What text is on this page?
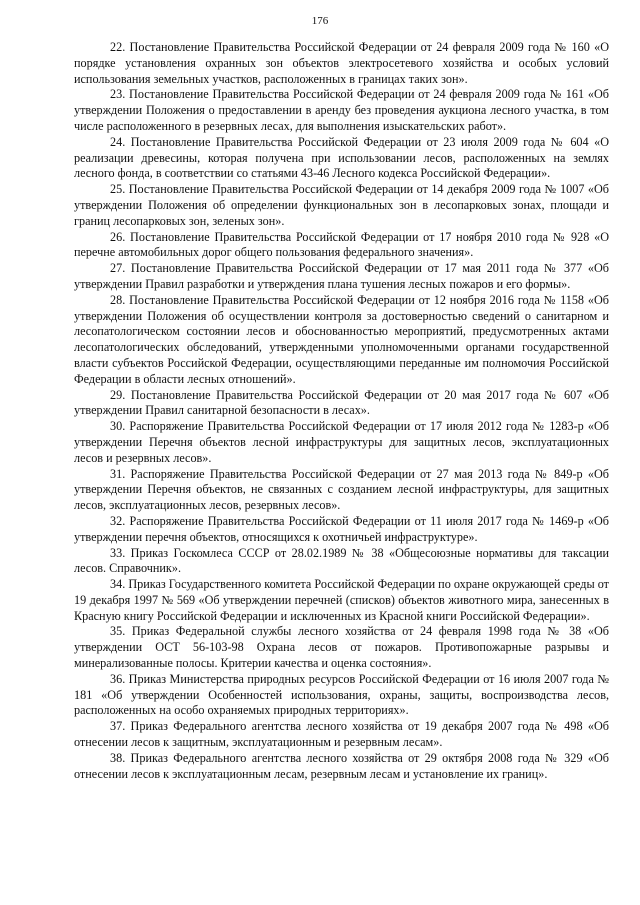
176

22. Постановление Правительства Российской Федерации от 24 февраля 2009 года № 160 «О порядке установления охранных зон объектов электросетевого хозяйства и особых условий использования земельных участков, расположенных в границах таких зон».

23. Постановление Правительства Российской Федерации от 24 февраля 2009 года № 161 «Об утверждении Положения о предоставлении в аренду без проведения аукциона лесного участка, в том числе расположенного в резервных лесах, для выполнения изыскательских работ».

24. Постановление Правительства Российской Федерации от 23 июля 2009 года № 604 «О реализации древесины, которая получена при использовании лесов, расположенных на землях лесного фонда, в соответствии со статьями 43-46 Лесного кодекса Российской Федерации».

25. Постановление Правительства Российской Федерации от 14 декабря 2009 года № 1007 «Об утверждении Положения об определении функциональных зон в лесопарковых зонах, площади и границ лесопарковых зон, зеленых зон».

26. Постановление Правительства Российской Федерации от 17 ноября 2010 года № 928 «О перечне автомобильных дорог общего пользования федерального значения».

27. Постановление Правительства Российской Федерации от 17 мая 2011 года № 377 «Об утверждении Правил разработки и утверждения плана тушения лесных пожаров и его формы».

28. Постановление Правительства Российской Федерации от 12 ноября 2016 года № 1158 «Об утверждении Положения об осуществлении контроля за достоверностью сведений о санитарном и лесопатологическом состоянии лесов и обоснованностью мероприятий, предусмотренных актами лесопатологических обследований, утвержденными уполномоченными органами государственной власти субъектов Российской Федерации, осуществляющими переданные им полномочия Российской Федерации в области лесных отношений».

29. Постановление Правительства Российской Федерации от 20 мая 2017 года № 607 «Об утверждении Правил санитарной безопасности в лесах».

30. Распоряжение Правительства Российской Федерации от 17 июля 2012 года № 1283-р «Об утверждении Перечня объектов лесной инфраструктуры для защитных лесов, эксплуатационных лесов и резервных лесов».

31. Распоряжение Правительства Российской Федерации от 27 мая 2013 года № 849-р «Об утверждении Перечня объектов, не связанных с созданием лесной инфраструктуры, для защитных лесов, эксплуатационных лесов, резервных лесов».

32. Распоряжение Правительства Российской Федерации от 11 июля 2017 года № 1469-р «Об утверждении перечня объектов, относящихся к охотничьей инфраструктуре».

33. Приказ Госкомлеса СССР от 28.02.1989 № 38 «Общесоюзные нормативы для таксации лесов. Справочник».

34. Приказ Государственного комитета Российской Федерации по охране окружающей среды от 19 декабря 1997 № 569 «Об утверждении перечней (списков) объектов животного мира, занесенных в Красную книгу Российской Федерации и исключенных из Красной книги Российской Федерации».

35. Приказ Федеральной службы лесного хозяйства от 24 февраля 1998 года № 38 «Об утверждении ОСТ 56-103-98 Охрана лесов от пожаров. Противопожарные разрывы и минерализованные полосы. Критерии качества и оценка состояния».

36. Приказ Министерства природных ресурсов Российской Федерации от 16 июля 2007 года № 181 «Об утверждении Особенностей использования, охраны, защиты, воспроизводства лесов, расположенных на особо охраняемых природных территориях».

37. Приказ Федерального агентства лесного хозяйства от 19 декабря 2007 года № 498 «Об отнесении лесов к защитным, эксплуатационным и резервным лесам».

38. Приказ Федерального агентства лесного хозяйства от 29 октября 2008 года № 329 «Об отнесении лесов к эксплуатационным лесам, резервным лесам и установление их границ».
